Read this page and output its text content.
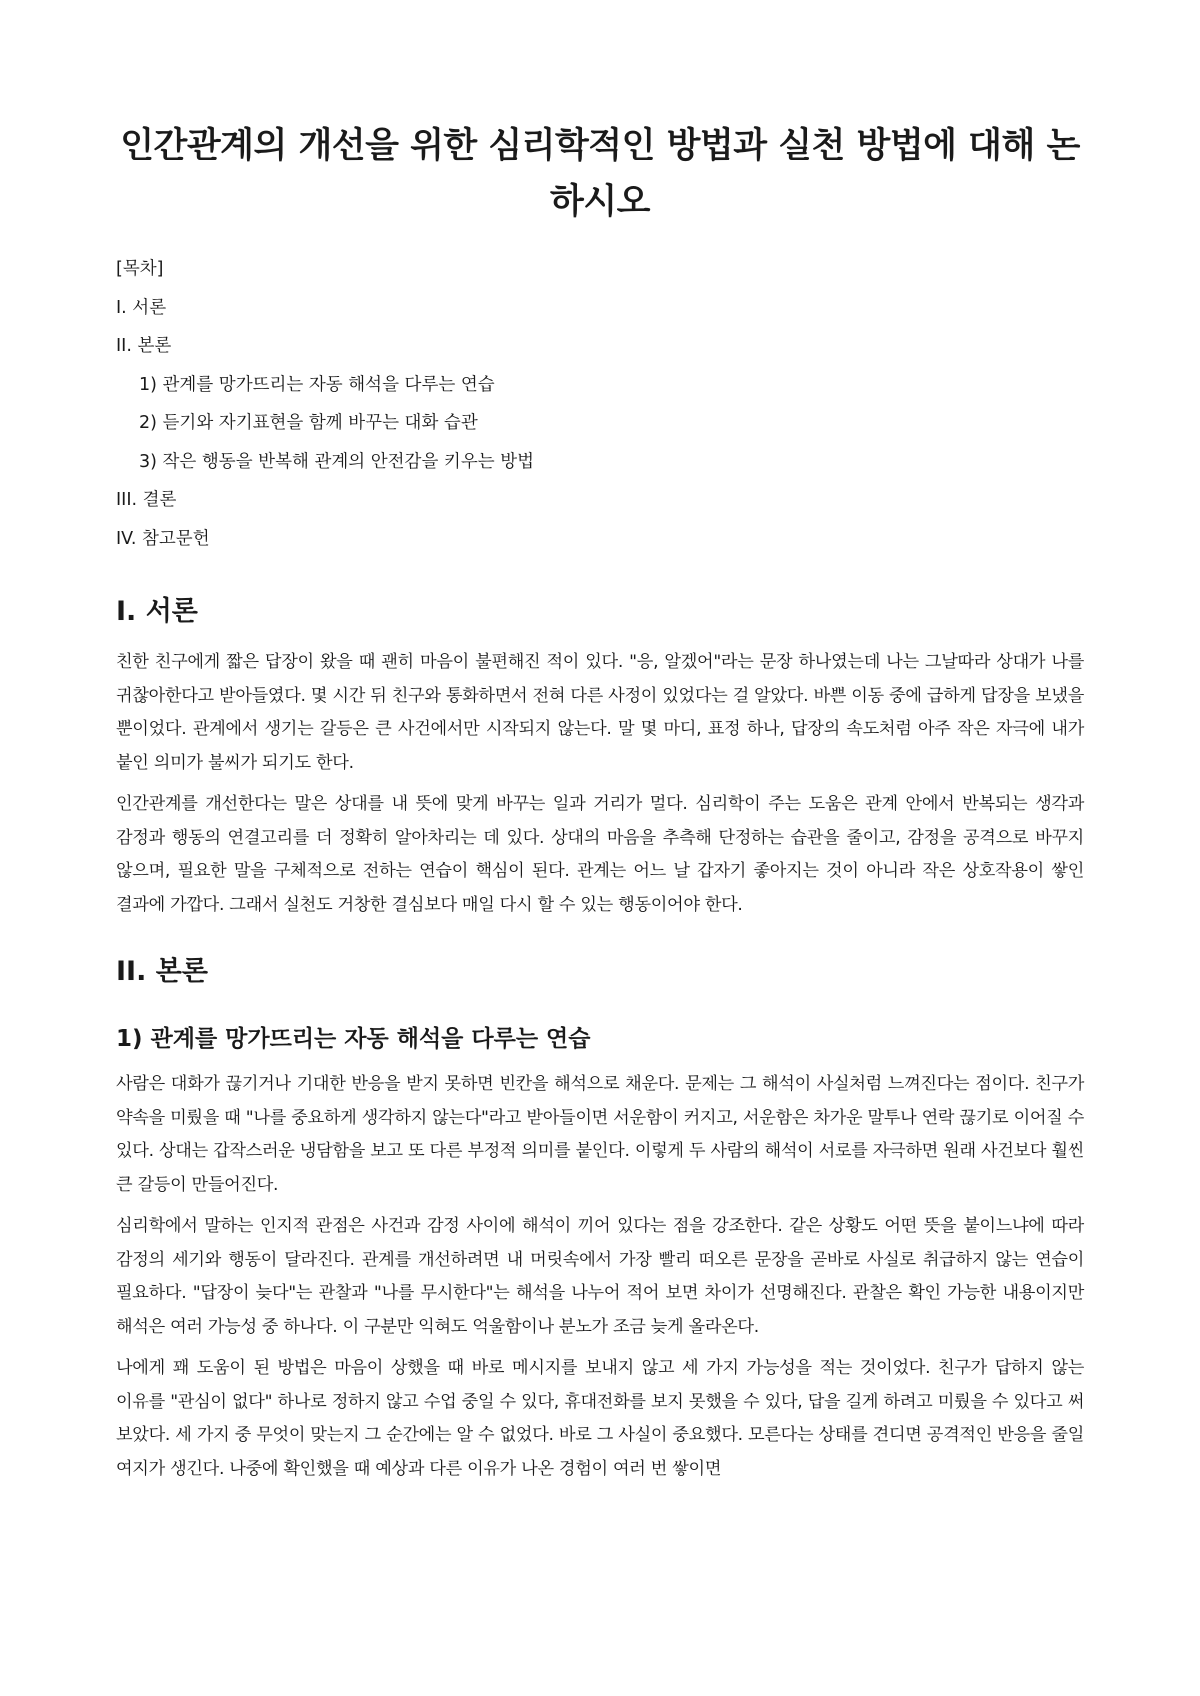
인간관계의 개선을 위한 심리학적인 방법과 실천 방법에 대해 논하시오
[목차]
I. 서론
II. 본론
1) 관계를 망가뜨리는 자동 해석을 다루는 연습
2) 듣기와 자기표현을 함께 바꾸는 대화 습관
3) 작은 행동을 반복해 관계의 안전감을 키우는 방법
III. 결론
IV. 참고문헌
I. 서론

친한 친구에게 짧은 답장이 왔을 때 괜히 마음이 불편해진 적이 있다. "응, 알겠어"라는 문장 하나였는데 나는 그날따라 상대가 나를 귀찮아한다고 받아들였다. 몇 시간 뒤 친구와 통화하면서 전혀 다른 사정이 있었다는 걸 알았다. 바쁜 이동 중에 급하게 답장을 보냈을 뿐이었다. 관계에서 생기는 갈등은 큰 사건에서만 시작되지 않는다. 말 몇 마디, 표정 하나, 답장의 속도처럼 아주 작은 자극에 내가 붙인 의미가 불씨가 되기도 한다.

인간관계를 개선한다는 말은 상대를 내 뜻에 맞게 바꾸는 일과 거리가 멀다. 심리학이 주는 도움은 관계 안에서 반복되는 생각과 감정과 행동의 연결고리를 더 정확히 알아차리는 데 있다. 상대의 마음을 추측해 단정하는 습관을 줄이고, 감정을 공격으로 바꾸지 않으며, 필요한 말을 구체적으로 전하는 연습이 핵심이 된다. 관계는 어느 날 갑자기 좋아지는 것이 아니라 작은 상호작용이 쌓인 결과에 가깝다. 그래서 실천도 거창한 결심보다 매일 다시 할 수 있는 행동이어야 한다.

II. 본론
1) 관계를 망가뜨리는 자동 해석을 다루는 연습

사람은 대화가 끊기거나 기대한 반응을 받지 못하면 빈칸을 해석으로 채운다. 문제는 그 해석이 사실처럼 느껴진다는 점이다. 친구가 약속을 미뤘을 때 "나를 중요하게 생각하지 않는다"라고 받아들이면 서운함이 커지고, 서운함은 차가운 말투나 연락 끊기로 이어질 수 있다. 상대는 갑작스러운 냉담함을 보고 또 다른 부정적 의미를 붙인다. 이렇게 두 사람의 해석이 서로를 자극하면 원래 사건보다 훨씬 큰 갈등이 만들어진다.

심리학에서 말하는 인지적 관점은 사건과 감정 사이에 해석이 끼어 있다는 점을 강조한다. 같은 상황도 어떤 뜻을 붙이느냐에 따라 감정의 세기와 행동이 달라진다. 관계를 개선하려면 내 머릿속에서 가장 빨리 떠오른 문장을 곧바로 사실로 취급하지 않는 연습이 필요하다. "답장이 늦다"는 관찰과 "나를 무시한다"는 해석을 나누어 적어 보면 차이가 선명해진다. 관찰은 확인 가능한 내용이지만 해석은 여러 가능성 중 하나다. 이 구분만 익혀도 억울함이나 분노가 조금 늦게 올라온다.

나에게 꽤 도움이 된 방법은 마음이 상했을 때 바로 메시지를 보내지 않고 세 가지 가능성을 적는 것이었다. 친구가 답하지 않는 이유를 "관심이 없다" 하나로 정하지 않고 수업 중일 수 있다, 휴대전화를 보지 못했을 수 있다, 답을 길게 하려고 미뤘을 수 있다고 써 보았다. 세 가지 중 무엇이 맞는지 그 순간에는 알 수 없었다. 바로 그 사실이 중요했다. 모른다는 상태를 견디면 공격적인 반응을 줄일 여지가 생긴다. 나중에 확인했을 때 예상과 다른 이유가 나온 경험이 여러 번 쌓이면
